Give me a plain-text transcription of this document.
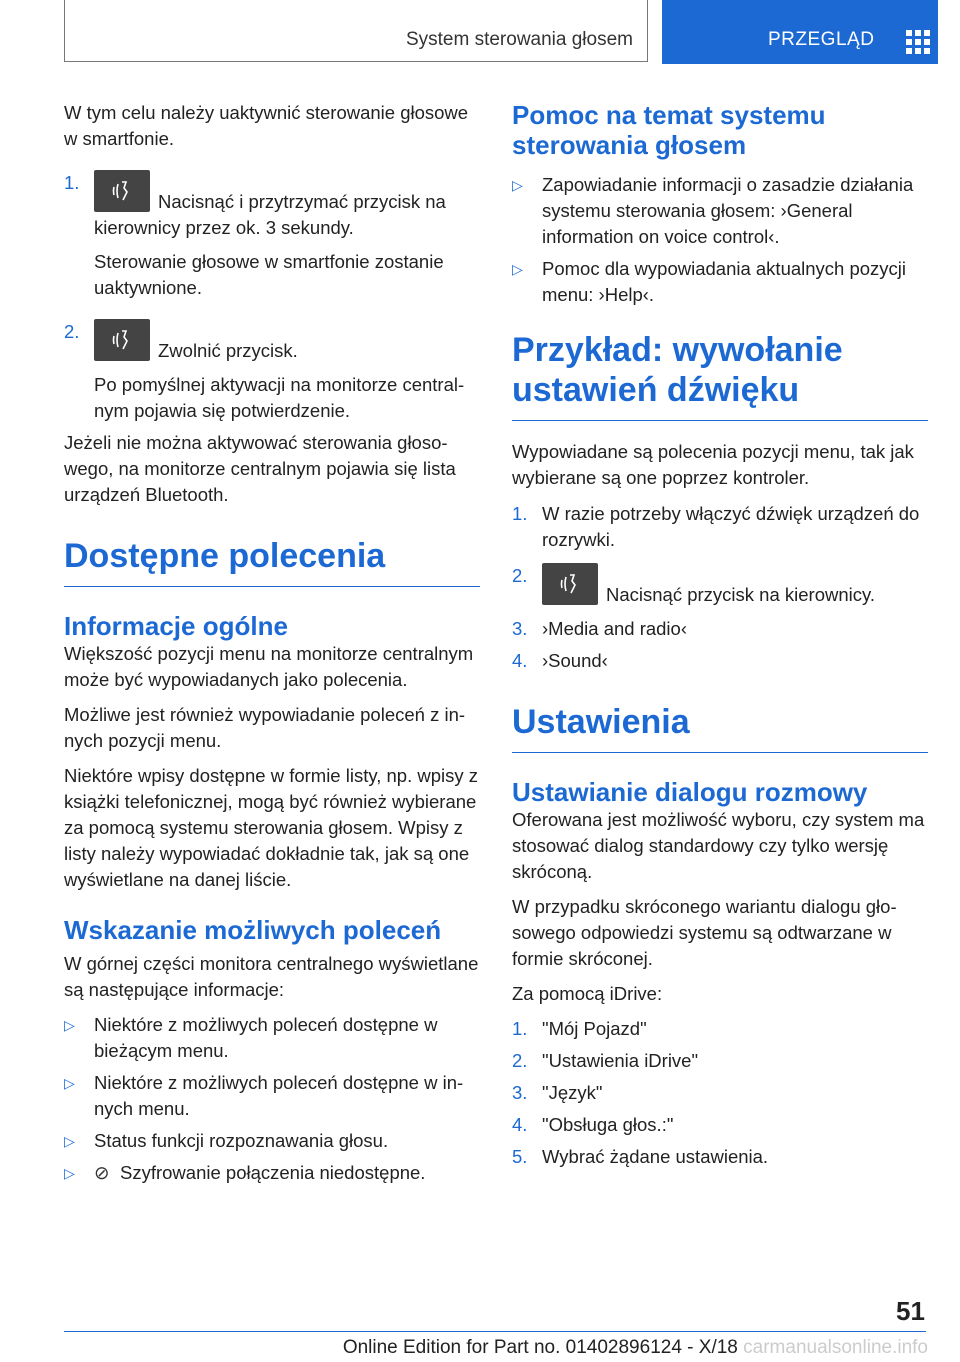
System sterowania głosem	PRZEGLĄD

W tym celu należy uaktywnić sterowanie głosowe w smartfonie.

1.
Nacisnąć i przytrzymać przycisk na kierownicy przez ok. 3 sekundy.

Sterowanie głosowe w smartfonie zostanie uaktywnione.

2.
Zwolnić przycisk.

Po pomyślnej aktywacji na monitorze centralnym pojawia się potwierdzenie.

Jeżeli nie można aktywować sterowania głosowego, na monitorze centralnym pojawia się lista urządzeń Bluetooth.

Dostępne polecenia
Informacje ogólne

Większość pozycji menu na monitorze centralnym może być wypowiadanych jako polecenia.

Możliwe jest również wypowiadanie poleceń z innych pozycji menu.

Niektóre wpisy dostępne w formie listy, np. wpisy z książki telefonicznej, mogą być również wybierane za pomocą systemu sterowania głosem. Wpisy z listy należy wypowiadać dokładnie tak, jak są one wyświetlane na danej liście.

Wskazanie możliwych poleceń

W górnej części monitora centralnego wyświetlane są następujące informacje:

▷ Niektóre z możliwych poleceń dostępne w bieżącym menu.
▷ Niektóre z możliwych poleceń dostępne w innych menu.
▷ Status funkcji rozpoznawania głosu.
▷ ⊘ Szyfrowanie połączenia niedostępne.
Pomoc na temat systemu sterowania głosem
▷ Zapowiadanie informacji o zasadzie działania systemu sterowania głosem: ›General information on voice control‹.
▷ Pomoc dla wypowiadania aktualnych pozycji menu: ›Help‹.
Przykład: wywołanie ustawień dźwięku

Wypowiadane są polecenia pozycji menu, tak jak wybierane są one poprzez kontroler.

1. W razie potrzeby włączyć dźwięk urządzeń do rozrywki.
2.
Nacisnąć przycisk na kierownicy.
3. ›Media and radio‹
4. ›Sound‹
Ustawienia
Ustawianie dialogu rozmowy

Oferowana jest możliwość wyboru, czy system ma stosować dialog standardowy czy tylko wersję skróconą.

W przypadku skróconego wariantu dialogu głosowego odpowiedzi systemu są odtwarzane w formie skróconej.

Za pomocą iDrive:

1. "Mój Pojazd"
2. "Ustawienia iDrive"
3. "Język"
4. "Obsługa głos.:"
5. Wybrać żądane ustawienia.
51
Online Edition for Part no. 01402896124 - X/18 carmanualsonline.info
